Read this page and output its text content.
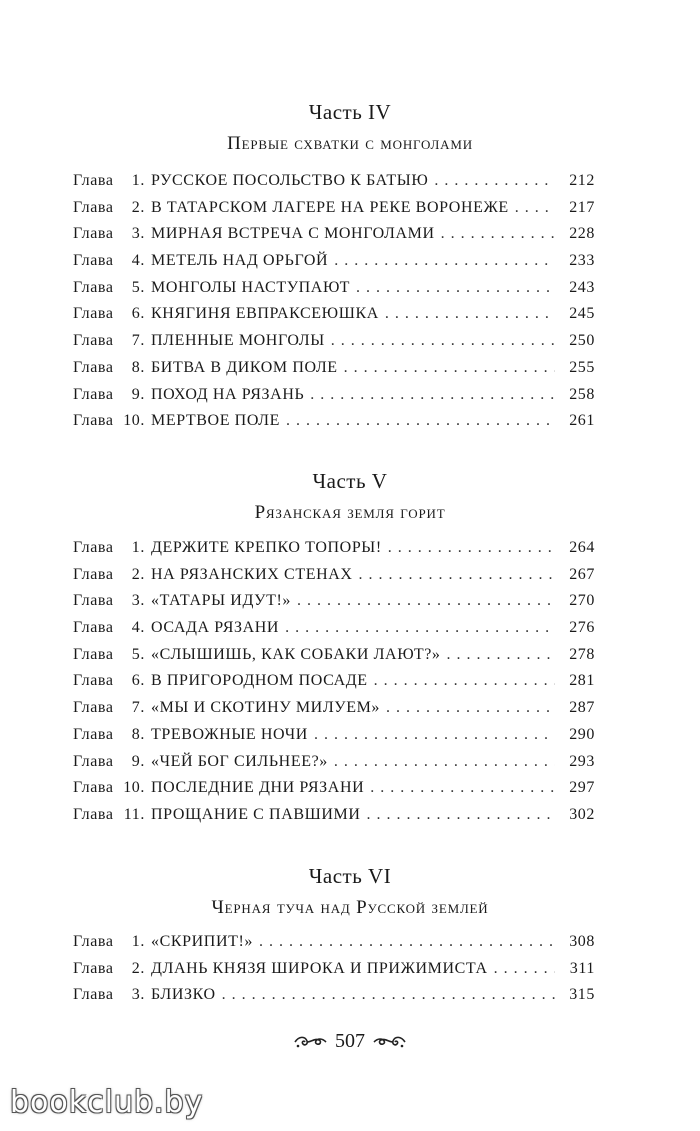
Часть IV
Первые схватки с монголами
Глава	1. РУССКОЕ ПОСОЛЬСТВО К БАТЫЮ . . .	212
Глава	2. В ТАТАРСКОМ ЛАГЕРЕ НА РЕКЕ ВОРОНЕЖЕ . . .	217
Глава	3. МИРНАЯ ВСТРЕЧА С МОНГОЛАМИ . . .	228
Глава	4. МЕТЕЛЬ НАД ОРЬГОЙ . . .	233
Глава	5. МОНГОЛЫ НАСТУПАЮТ . . .	243
Глава	6. КНЯГИНЯ ЕВПРАКСЕЮШКА . . .	245
Глава	7. ПЛЕННЫЕ МОНГОЛЫ . . .	250
Глава	8. БИТВА В ДИКОМ ПОЛЕ . . .	255
Глава	9. ПОХОД НА РЯЗАНЬ . . .	258
Глава 10. МЕРТВОЕ ПОЛЕ . . .	261
Часть V
Рязанская земля горит
Глава	1. ДЕРЖИТЕ КРЕПКО ТОПОРЫ! . . .	264
Глава	2. НА РЯЗАНСКИХ СТЕНАХ . . .	267
Глава	3. «ТАТАРЫ ИДУТ!» . . .	270
Глава	4. ОСАДА РЯЗАНИ . . .	276
Глава	5. «СЛЫШИШЬ, КАК СОБАКИ ЛАЮТ?» . . .	278
Глава	6. В ПРИГОРОДНОМ ПОСАДЕ . . .	281
Глава	7. «МЫ И СКОТИНУ МИЛУЕМ» . . .	287
Глава	8. ТРЕВОЖНЫЕ НОЧИ . . .	290
Глава	9. «ЧЕЙ БОГ СИЛЬНЕЕ?» . . .	293
Глава 10. ПОСЛЕДНИЕ ДНИ РЯЗАНИ . . .	297
Глава 11. ПРОЩАНИЕ С ПАВШИМИ . . .	302
Часть VI
Черная туча над Русской землей
Глава	1. «СКРИПИТ!» . . .	308
Глава	2. ДЛАНЬ КНЯЗЯ ШИРОКА И ПРИЖИМИСТА . . .	311
Глава	3. БЛИЗКО . . .	315
507
bookclub.by
